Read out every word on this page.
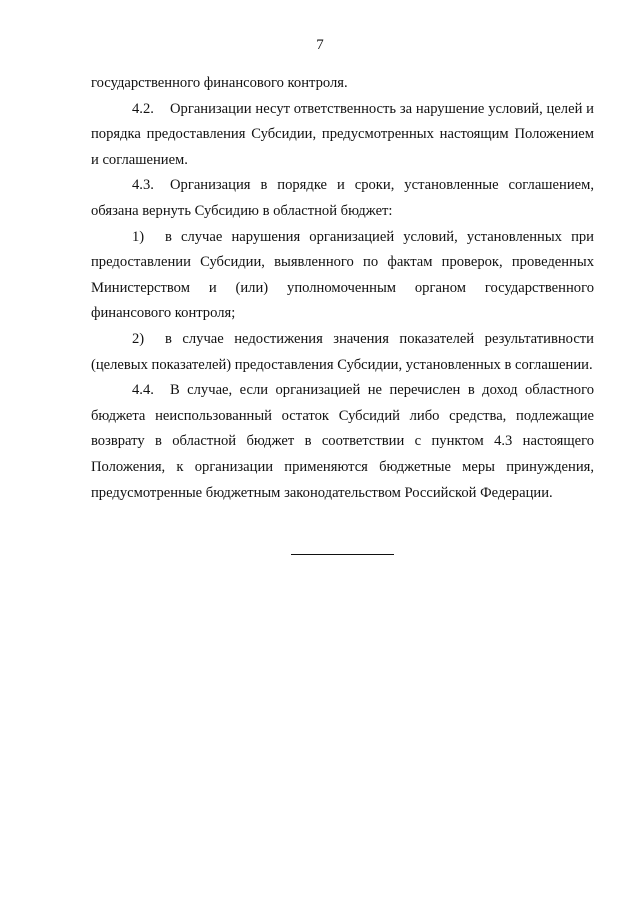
7

государственного финансового контроля.

4.2. Организации несут ответственность за нарушение условий, целей и порядка предоставления Субсидии, предусмотренных настоящим Положением и соглашением.

4.3. Организация в порядке и сроки, установленные соглашением, обязана вернуть Субсидию в областной бюджет:

1) в случае нарушения организацией условий, установленных при предоставлении Субсидии, выявленного по фактам проверок, проведенных Министерством и (или) уполномоченным органом государственного финансового контроля;

2) в случае недостижения значения показателей результативности (целевых показателей) предоставления Субсидии, установленных в соглашении.

4.4. В случае, если организацией не перечислен в доход областного бюджета неиспользованный остаток Субсидий либо средства, подлежащие возврату в областной бюджет в соответствии с пунктом 4.3 настоящего Положения, к организации применяются бюджетные меры принуждения, предусмотренные бюджетным законодательством Российской Федерации.
